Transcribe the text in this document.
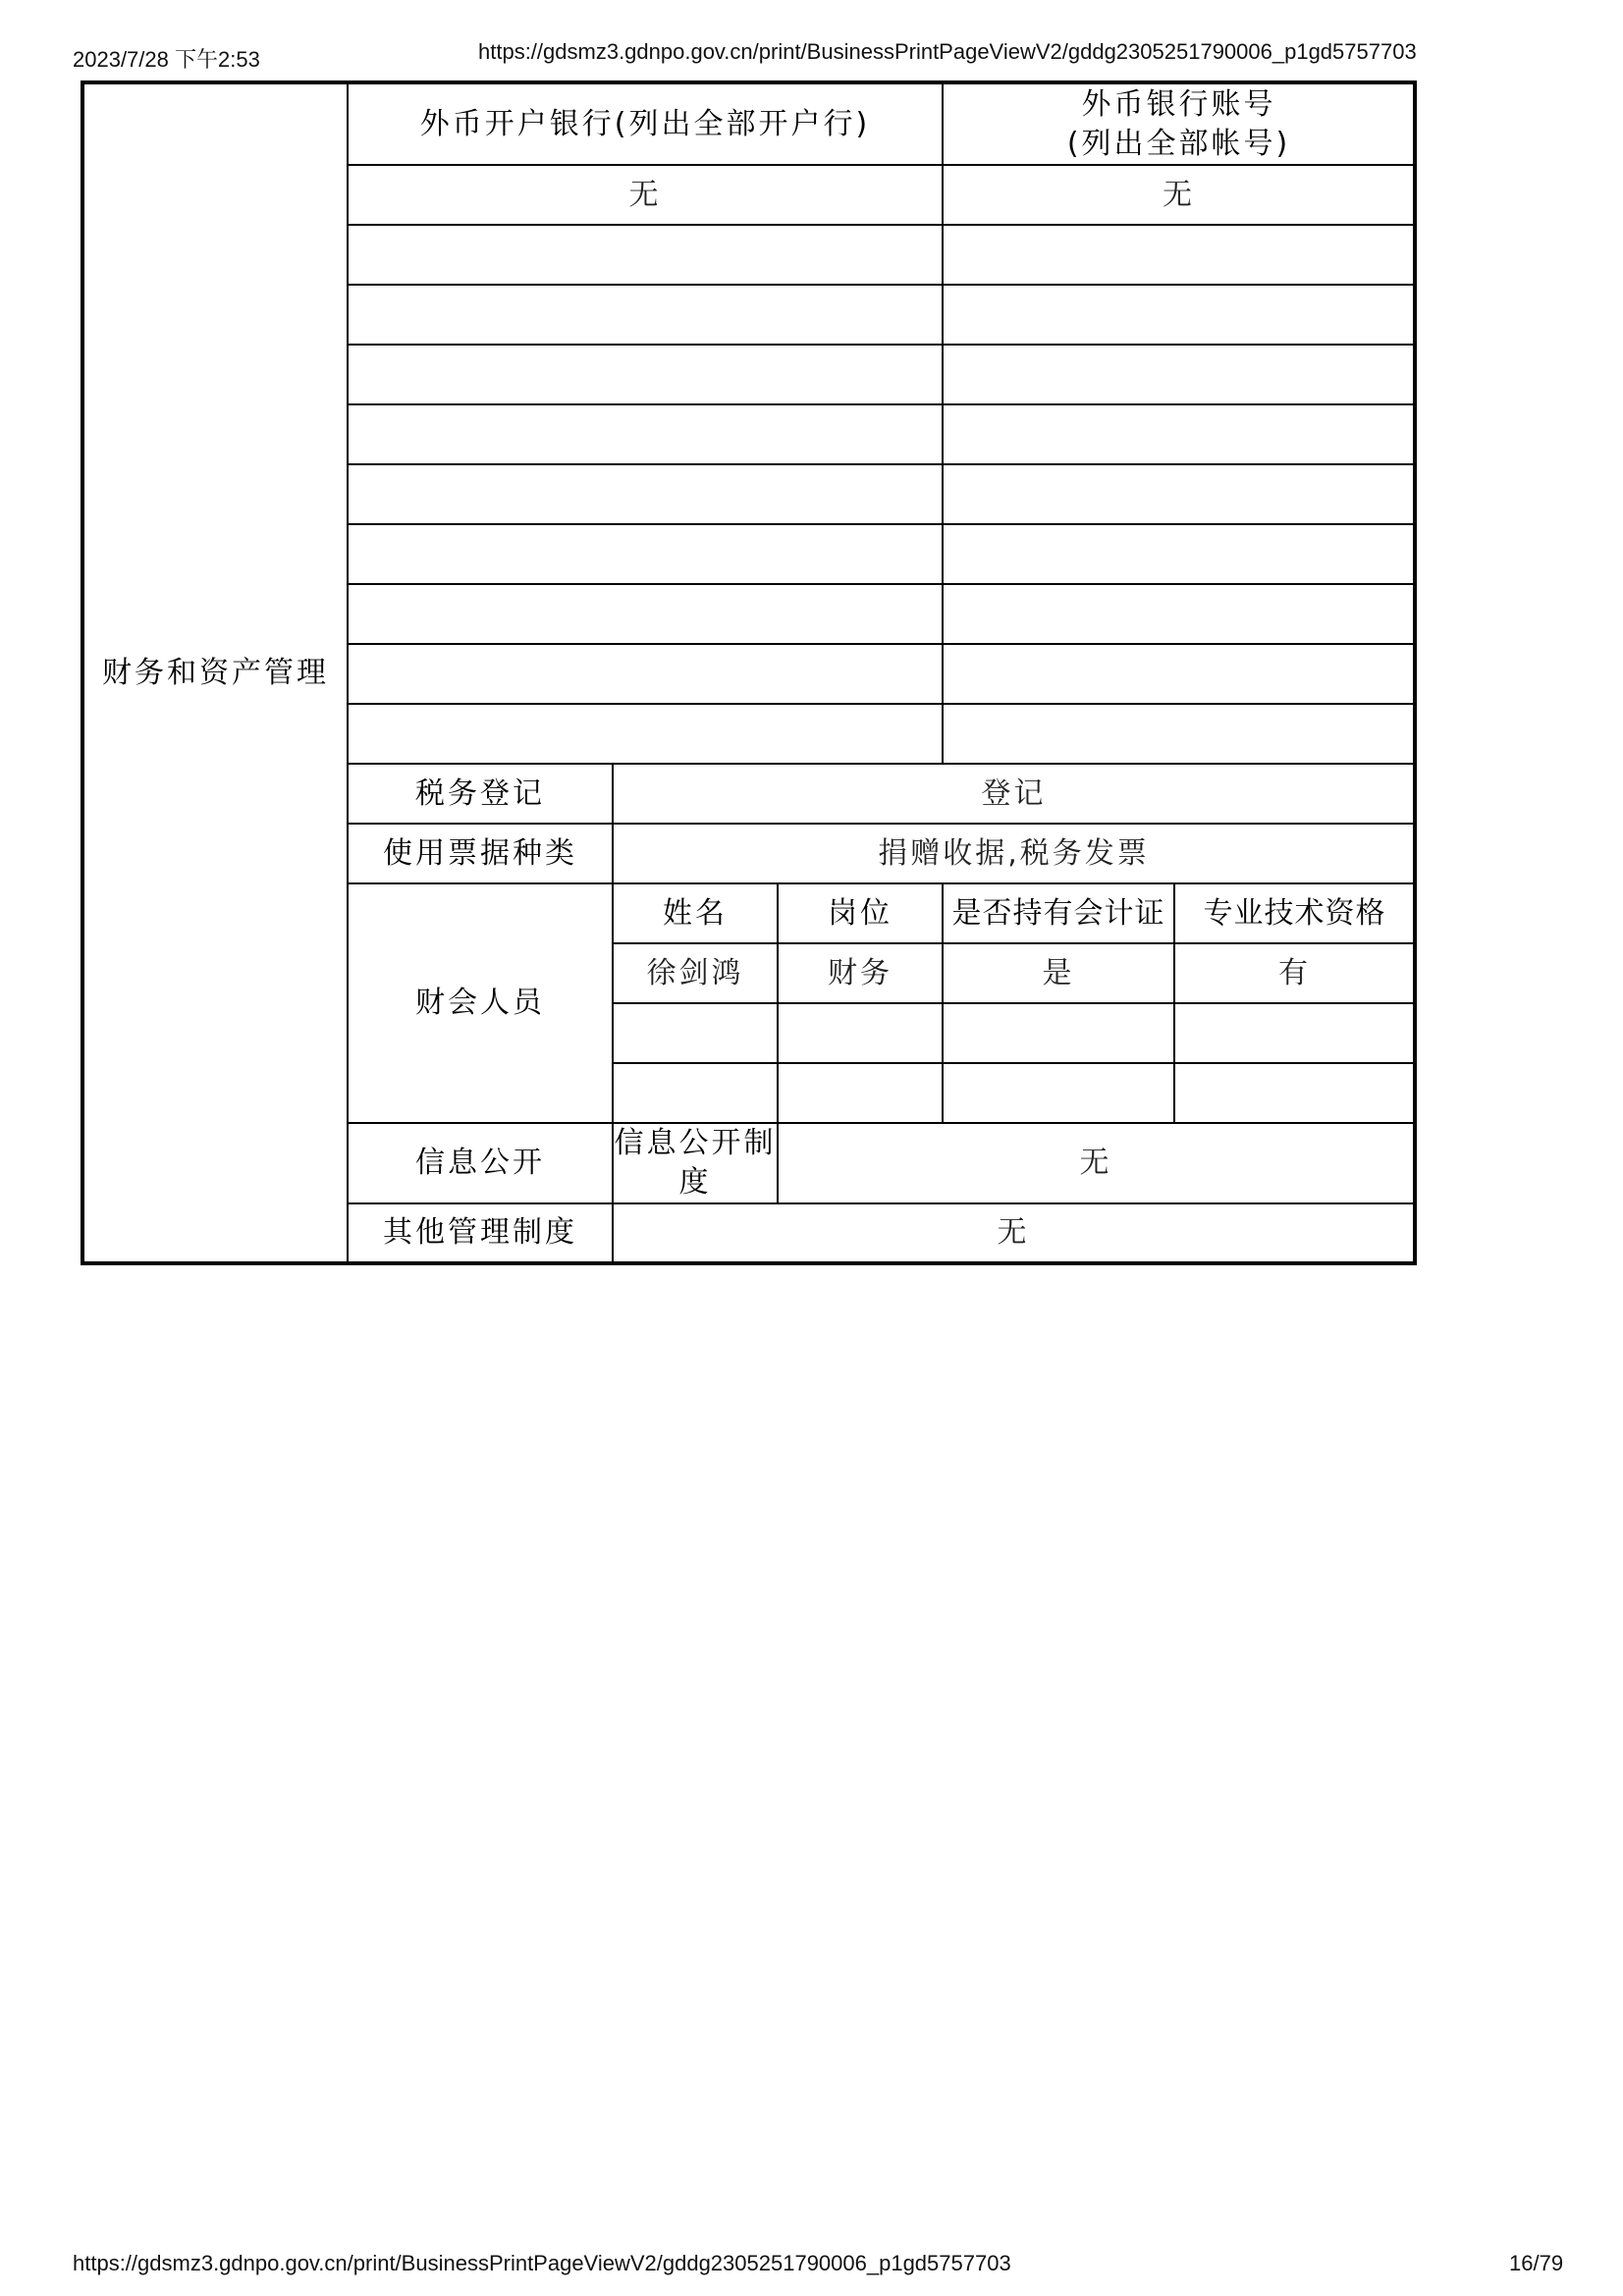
2023/7/28 下午2:53	https://gdsmz3.gdnpo.gov.cn/print/BusinessPrintPageViewV2/gddg2305251790006_p1gd5757703
财务和资产管理	外币开户银行(列出全部开户行)			外币银行账号
(列出全部帐号)	

	无			无	

	税务登记	登记			
	使用票据种类	捐赠收据,税务发票			
	财会人员	姓名	岗位	是否持有会计证	专业技术资格
		徐剑鸿	财务	是	有

	信息公开	信息公开制度	无		
	其他管理制度	无			
https://gdsmz3.gdnpo.gov.cn/print/BusinessPrintPageViewV2/gddg2305251790006_p1gd5757703	16/79
